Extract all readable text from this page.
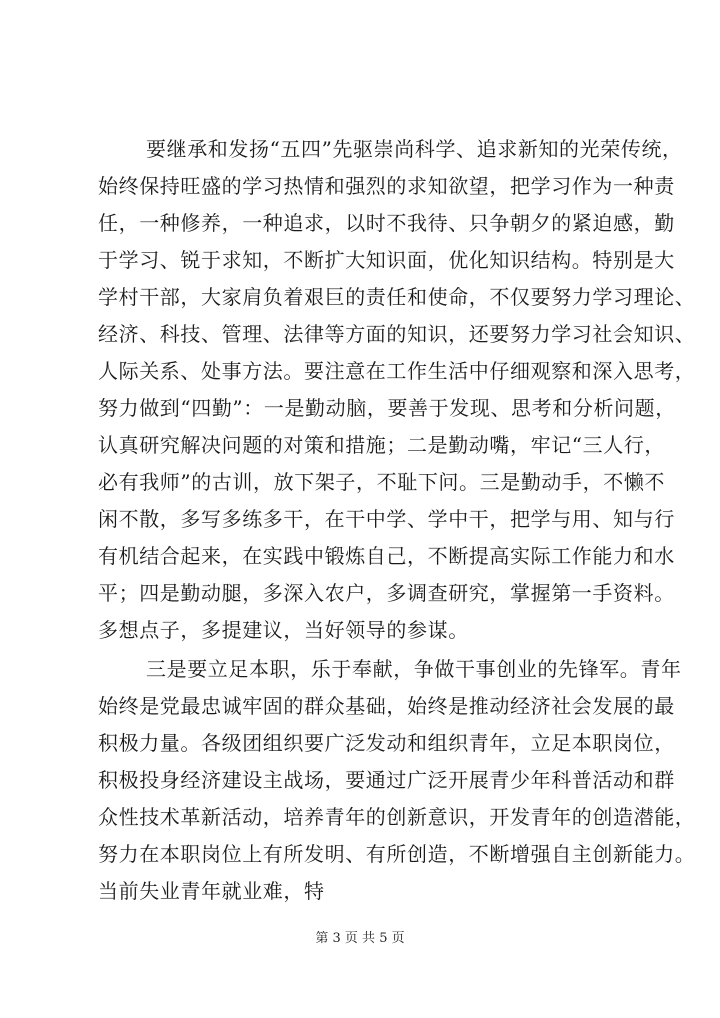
要继承和发扬“五四”先驱崇尚科学、追求新知的光荣传统，
始终保持旺盛的学习热情和强烈的求知欲望，把学习作为一种责
任，一种修养，一种追求，以时不我待、只争朝夕的紧迫感，勤
于学习、锐于求知，不断扩大知识面，优化知识结构。特别是大
学村干部，大家肩负着艰巨的责任和使命，不仅要努力学习理论、
经济、科技、管理、法律等方面的知识，还要努力学习社会知识、
人际关系、处事方法。要注意在工作生活中仔细观察和深入思考，
努力做到“四勤”：一是勤动脑，要善于发现、思考和分析问题，
认真研究解决问题的对策和措施；二是勤动嘴，牢记“三人行，
必有我师”的古训，放下架子，不耻下问。三是勤动手，不懒不
闲不散，多写多练多干，在干中学、学中干，把学与用、知与行
有机结合起来，在实践中锻炼自己，不断提高实际工作能力和水
平；四是勤动腿，多深入农户，多调查研究，掌握第一手资料。
多想点子，多提建议，当好领导的参谋。
三是要立足本职，乐于奉献，争做干事创业的先锋军。青年
始终是党最忠诚牢固的群众基础，始终是推动经济社会发展的最
积极力量。各级团组织要广泛发动和组织青年，立足本职岗位，
积极投身经济建设主战场，要通过广泛开展青少年科普活动和群
众性技术革新活动，培养青年的创新意识，开发青年的创造潜能，
努力在本职岗位上有所发明、有所创造，不断增强自主创新能力。
当前失业青年就业难，特
第 3 页 共 5 页
